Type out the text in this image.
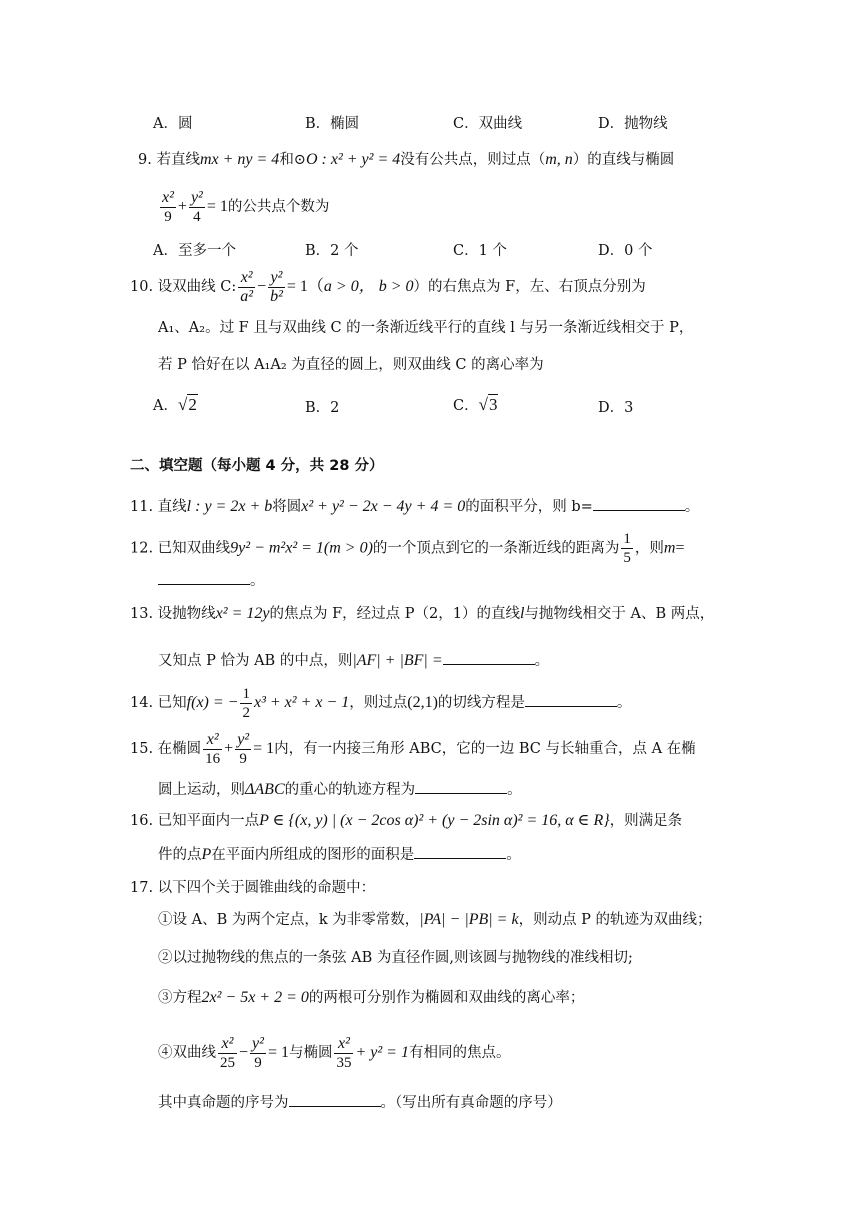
A．圆	B．椭圆	C．双曲线	D．抛物线
9. 若直线mx + ny = 4和⊙O : x² + y² = 4没有公共点，则过点（m, n）的直线与椭圆
$\frac{\text{x²}}{9} + \frac{\text{y²}}{4} = 1$的公共点个数为
A．至多一个	B．2 个	C．1 个	D．0 个
10. 设双曲线 C: $\frac{\text{x²}}{\text{a²}} - \frac{\text{y²}}{\text{b²}} = 1(a > 0$， b > 0）的右焦点为 F，左、右顶点分别为
A₁、A₂。过 F 且与双曲线 C 的一条渐近线平行的直线 l 与另一条渐近线相交于 P，
若 P 恰好在以 A₁A₂ 为直径的圆上，则双曲线 C 的离心率为
A．√2	B．2	C．√3	D．3
二、填空题（每小题 4 分，共 28 分）
11. 直线l : y = 2x + b将圆x² + y² − 2x − 4y + 4 = 0的面积平分，则 b=	。
12. 已知双曲线9y² − m²x² = 1(m > 0)的一个顶点到它的一条渐近线的距离为 $\frac{1}{5}$ ，则m=
。
13. 设抛物线x² = 12y的焦点为 F，经过点 P（2，1）的直线l与抛物线相交于 A、B 两点，
又知点 P 恰为 AB 的中点，则|AF| + |BF| =	。
14. 已知f(x) = − $\frac{1}{2} x^3 + x^2 + x - 1$，则过点(2,1)的切线方程是	。
15. 在椭圆 $\frac{\text{x²}}{16} + \frac{\text{y²}}{9} = 1$内，有一内接三角形 ABC，它的一边 BC 与长轴重合，点 A 在椭
圆上运动，则ΔABC的重心的轨迹方程为	。
16. 已知平面内一点P ∈ {(x, y) | (x − 2cos α)² + (y − 2sin α)² = 16, α ∈ R}，则满足条
件的点P在平面内所组成的图形的面积是	。
17. 以下四个关于圆锥曲线的命题中：
①设 A、B 为两个定点，k 为非零常数，|PA| − |PB| = k，则动点 P 的轨迹为双曲线；
②以过抛物线的焦点的一条弦 AB 为直径作圆,则该圆与抛物线的准线相切;
③方程2x² − 5x + 2 = 0的两根可分别作为椭圆和双曲线的离心率；
④双曲线 $\frac{\text{x²}}{25} - \frac{\text{y²}}{9} = 1$与椭圆 $\frac{\text{x²}}{35} + y^2 = 1$有相同的焦点。
其中真命题的序号为	。（写出所有真命题的序号）
